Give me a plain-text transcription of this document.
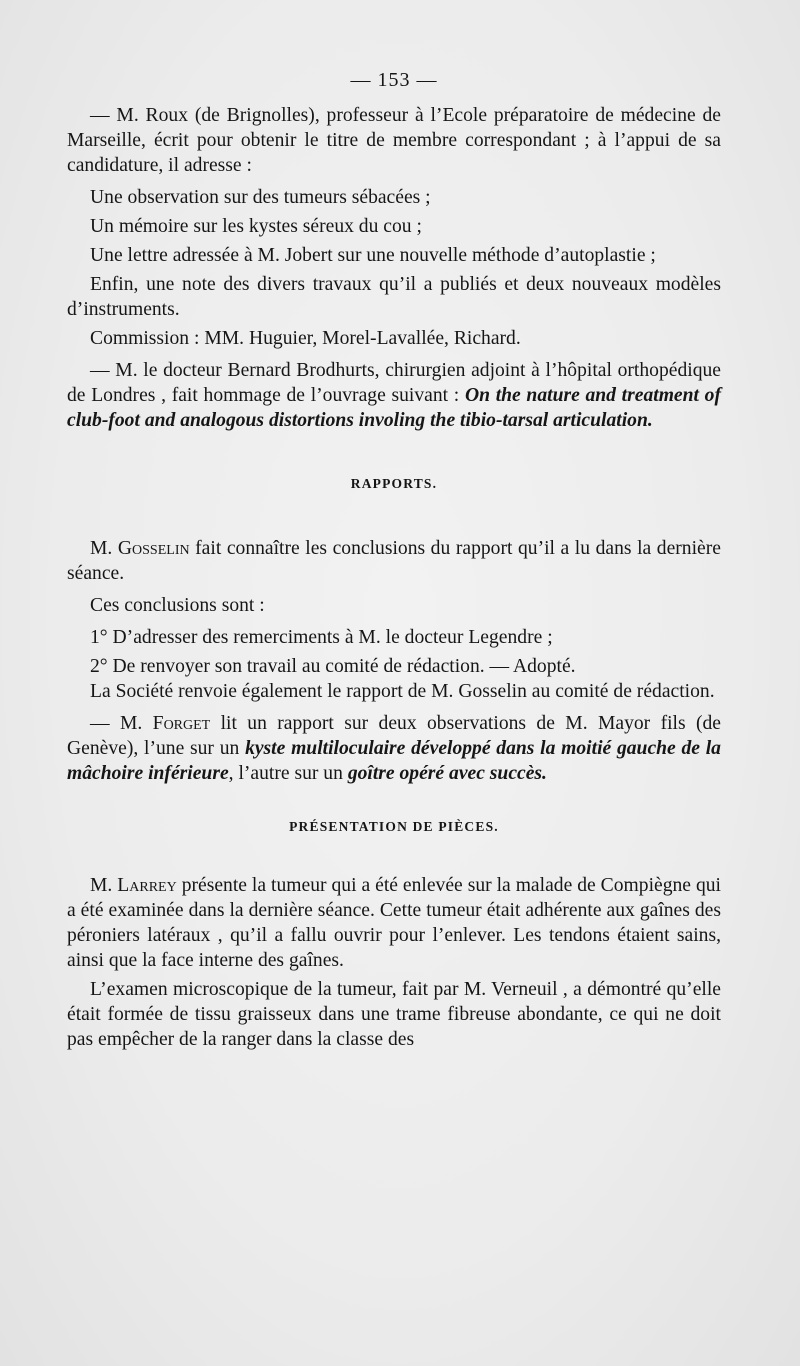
— 153 —

— M. Roux (de Brignolles), professeur à l’Ecole préparatoire de médecine de Marseille, écrit pour obtenir le titre de membre correspondant ; à l’appui de sa candidature, il adresse :

Une observation sur des tumeurs sébacées ;

Un mémoire sur les kystes séreux du cou ;

Une lettre adressée à M. Jobert sur une nouvelle méthode d’autoplastie ;

Enfin, une note des divers travaux qu’il a publiés et deux nouveaux modèles d’instruments.

Commission : MM. Huguier, Morel-Lavallée, Richard.

— M. le docteur Bernard Brodhurts, chirurgien adjoint à l’hôpital orthopédique de Londres , fait hommage de l’ouvrage suivant : On the nature and treatment of club-foot and analogous distortions involing the tibio-tarsal articulation.

RAPPORTS.

M. Gosselin fait connaître les conclusions du rapport qu’il a lu dans la dernière séance.

Ces conclusions sont :

1° D’adresser des remerciments à M. le docteur Legendre ;

2° De renvoyer son travail au comité de rédaction. — Adopté.

La Société renvoie également le rapport de M. Gosselin au comité de rédaction.

— M. Forget lit un rapport sur deux observations de M. Mayor fils (de Genève), l’une sur un kyste multiloculaire développé dans la moitié gauche de la mâchoire inférieure, l’autre sur un goître opéré avec succès.

PRÉSENTATION DE PIÈCES.

M. Larrey présente la tumeur qui a été enlevée sur la malade de Compiègne qui a été examinée dans la dernière séance. Cette tumeur était adhérente aux gaînes des péroniers latéraux , qu’il a fallu ouvrir pour l’enlever. Les tendons étaient sains, ainsi que la face interne des gaînes.

L’examen microscopique de la tumeur, fait par M. Verneuil , a démontré qu’elle était formée de tissu graisseux dans une trame fibreuse abondante, ce qui ne doit pas empêcher de la ranger dans la classe des
